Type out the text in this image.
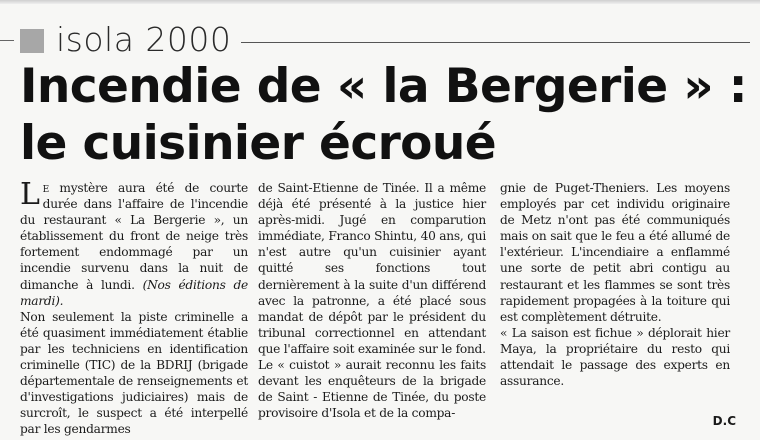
isola 2000
Incendie de « la Bergerie » :
le cuisinier écroué

Le mystère aura été de courte durée dans l'affaire de l'incendie du restaurant « La Bergerie », un établissement du front de neige très fortement endommagé par un incendie survenu dans la nuit de dimanche à lundi. (Nos éditions de mardi).

Non seulement la piste criminelle a été quasiment immédiatement établie par les techniciens en identification criminelle (TIC) de la BDRIJ (brigade départementale de renseignements et d'investigations judiciaires) mais de surcroît, le suspect a été interpellé par les gendarmes

de Saint-Etienne de Tinée. Il a même déjà été présenté à la justice hier après-midi. Jugé en comparution immédiate, Franco Shintu, 40 ans, qui n'est autre qu'un cuisinier ayant quitté ses fonctions tout dernièrement à la suite d'un différend avec la patronne, a été placé sous mandat de dépôt par le président du tribunal correctionnel en attendant que l'affaire soit examinée sur le fond.

Le « cuistot » aurait reconnu les faits devant les enquêteurs de la brigade de Saint - Etienne de Tinée, du poste provisoire d'Isola et de la compa-

gnie de Puget-Theniers. Les moyens employés par cet individu originaire de Metz n'ont pas été communiqués mais on sait que le feu a été allumé de l'extérieur. L'incendiaire a enflammé une sorte de petit abri contigu au restaurant et les flammes se sont très rapidement propagées à la toiture qui est complètement détruite.

« La saison est fichue » déplorait hier Maya, la propriétaire du resto qui attendait le passage des experts en assurance.

D.C
